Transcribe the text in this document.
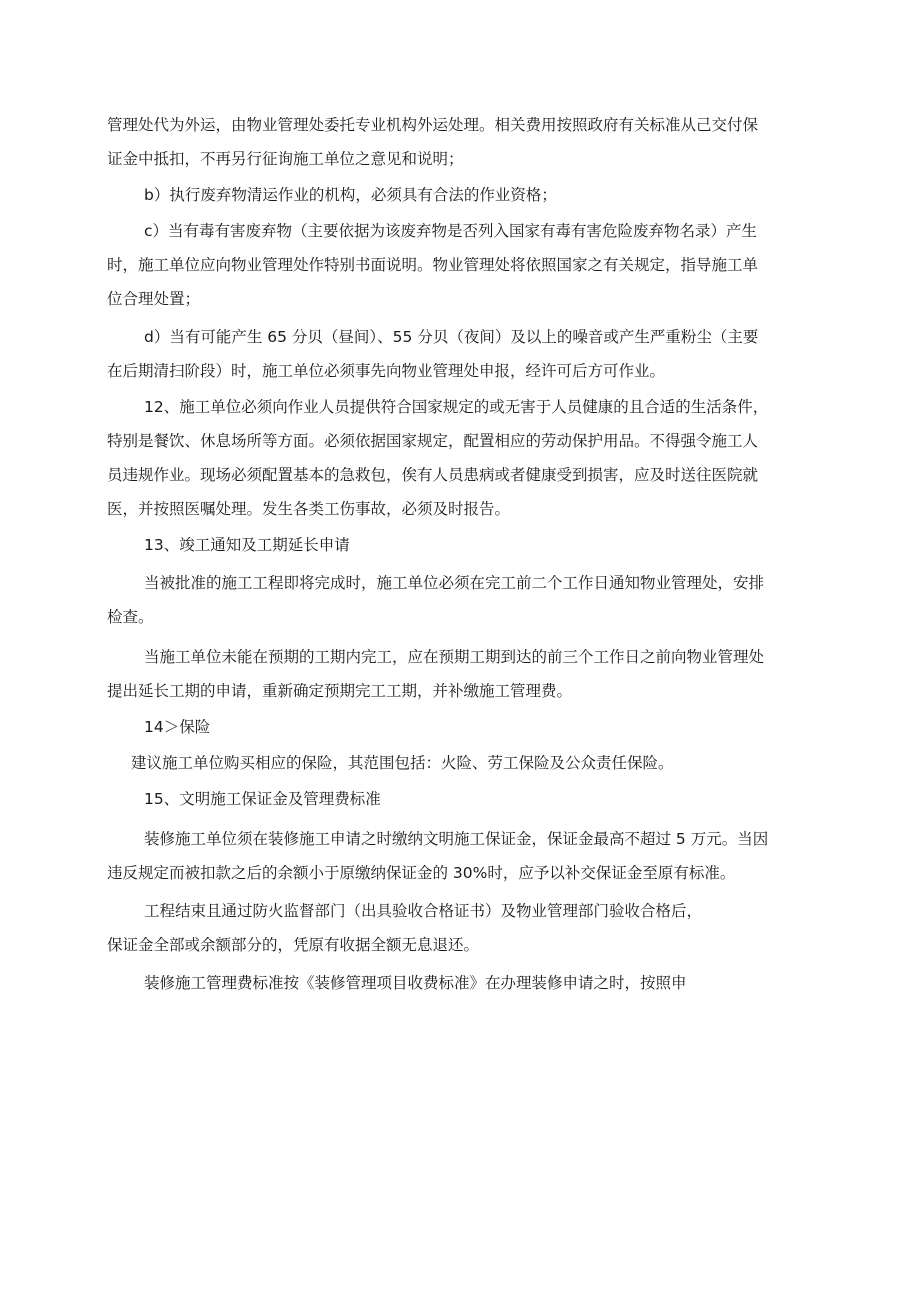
管理处代为外运，由物业管理处委托专业机构外运处理。相关费用按照政府有关标准从己交付保
证金中抵扣，不再另行征询施工单位之意见和说明；
b）执行废弃物清运作业的机构，必须具有合法的作业资格；
c）当有毒有害废弃物（主要依据为该废弃物是否列入国家有毒有害危险废弃物名录）产生
时，施工单位应向物业管理处作特别书面说明。物业管理处将依照国家之有关规定，指导施工单
位合理处置；
d）当有可能产生 65 分贝（昼间）、55 分贝（夜间）及以上的噪音或产生严重粉尘（主要
在后期清扫阶段）时，施工单位必须事先向物业管理处申报，经许可后方可作业。
12、施工单位必须向作业人员提供符合国家规定的或无害于人员健康的且合适的生活条件，
特别是餐饮、休息场所等方面。必须依据国家规定，配置相应的劳动保护用品。不得强令施工人
员违规作业。现场必须配置基本的急救包，俟有人员患病或者健康受到损害，应及时送往医院就
医，并按照医嘱处理。发生各类工伤事故，必须及时报告。
13、竣工通知及工期延长申请
当被批准的施工工程即将完成时，施工单位必须在完工前二个工作日通知物业管理处，安排
检查。
当施工单位未能在预期的工期内完工，应在预期工期到达的前三个工作日之前向物业管理处
提出延长工期的申请，重新确定预期完工工期，并补缴施工管理费。
14＞保险
建议施工单位购买相应的保险，其范围包括：火险、劳工保险及公众责任保险。
15、文明施工保证金及管理费标准
装修施工单位须在装修施工申请之时缴纳文明施工保证金，保证金最高不超过 5 万元。当因
违反规定而被扣款之后的余额小于原缴纳保证金的 30%时，应予以补交保证金至原有标准。
工程结束且通过防火监督部门（出具验收合格证书）及物业管理部门验收合格后，
保证金全部或余额部分的，凭原有收据全额无息退还。
装修施工管理费标准按《装修管理项目收费标准》在办理装修申请之时，按照申
